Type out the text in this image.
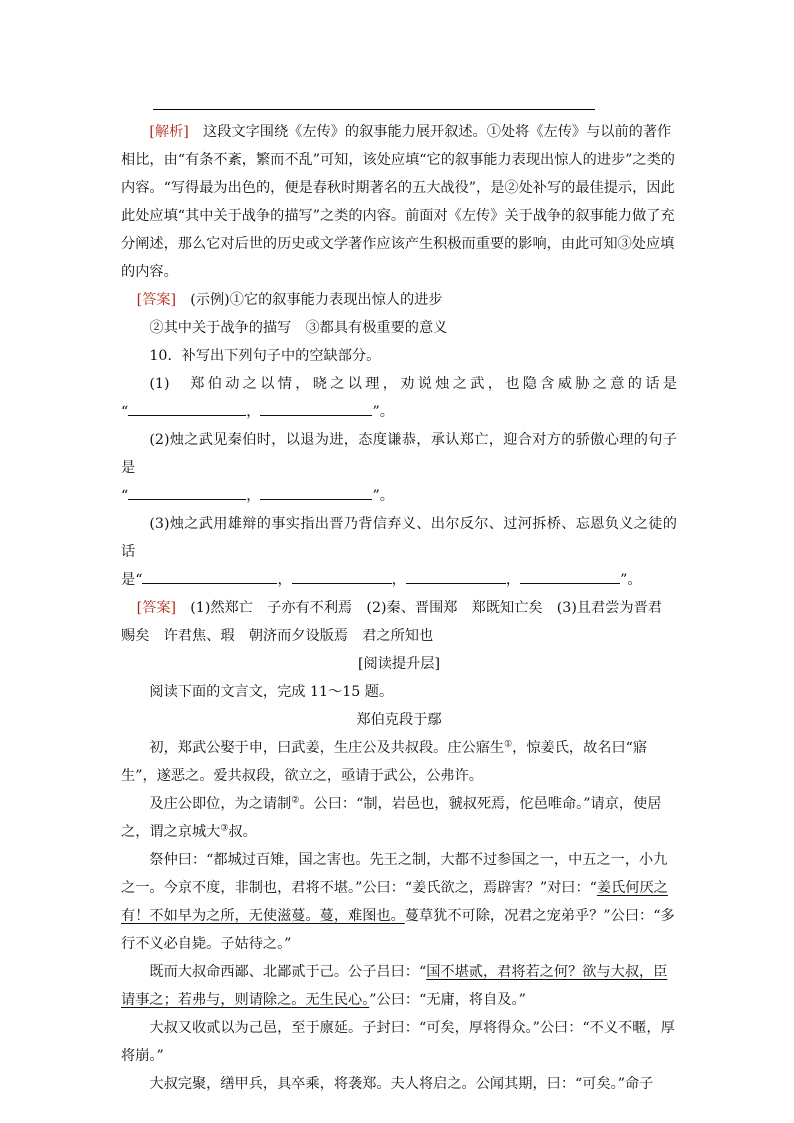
[解析]　 这段文字围绕《左传》的叙事能力展开叙述。①处将《左传》与以前的著作相比，由“有条不紊，繁而不乱”可知，该处应填“它的叙事能力表现出惊人的进步”之类的内容。“写得最为出色的，便是春秋时期著名的五大战役”，是②处补写的最佳提示，因此此处应填“其中关于战争的描写”之类的内容。前面对《左传》关于战争的叙事能力做了充分阐述，那么它对后世的历史或文学著作应该产生积极而重要的影响，由此可知③处应填的内容。

[答案]　 (示例)①它的叙事能力表现出惊人的进步

②其中关于战争的描写　③都具有极重要的意义

10．补写出下列句子中的空缺部分。

(1)　郑伯动之以情，晓之以理，劝说烛之武，也隐含威胁之意的话是

“	，	”。

(2)烛之武见秦伯时，以退为进，态度谦恭，承认郑亡，迎合对方的骄傲心理的句子是

“	，	”。

(3)烛之武用雄辩的事实指出晋乃背信弃义、出尔反尔、过河拆桥、忘恩负义之徒的话

是“	，	，	，	”。

[答案]　 (1)然郑亡　子亦有不利焉　(2)秦、晋围郑　郑既知亡矣　(3)且君尝为晋君

赐矣　许君焦、瑕　朝济而夕设版焉　君之所知也

[阅读提升层]

阅读下面的文言文，完成 11～15 题。

郑伯克段于鄢

初，郑武公娶于申，曰武姜，生庄公及共叔段。庄公寤生①，惊姜氏，故名曰“寤生”，遂恶之。爱共叔段，欲立之，亟请于武公，公弗许。

及庄公即位，为之请制②。公曰：“制，岩邑也，虢叔死焉，佗邑唯命。”请京，使居之，谓之京城大③叔。

祭仲曰：“都城过百雉，国之害也。先王之制，大都不过参国之一，中五之一，小九之一。今京不度，非制也，君将不堪。”公曰：“姜氏欲之，焉辟害？”对曰：“姜氏何厌之有！不如早为之所，无使滋蔓。蔓，难图也。蔓草犹不可除，况君之宠弟乎？”公曰：“多行不义必自毙。子姑待之。”

既而大叔命西鄙、北鄙贰于己。公子吕曰：“国不堪贰，君将若之何？欲与大叔，臣请事之；若弗与，则请除之。无生民心。”公曰：“无庸，将自及。”

大叔又收贰以为己邑，至于廪延。子封曰：“可矣，厚将得众。”公曰：“不义不暱，厚将崩。”

大叔完聚，缮甲兵，具卒乘，将袭郑。夫人将启之。公闻其期，曰：“可矣。”命子
